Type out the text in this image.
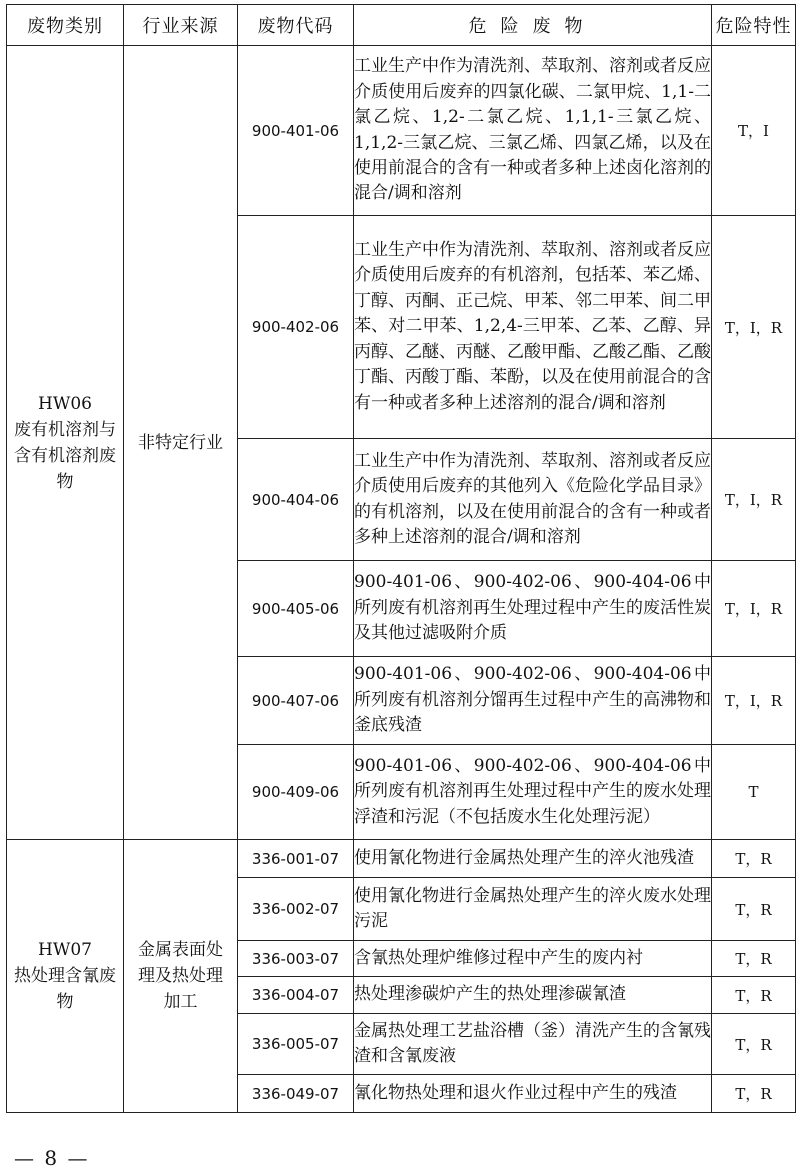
废物类别	行业来源	废物代码	危险废物	危险特性

HW06
废有机溶剂与
含有机溶剂废物	非特定行业	900-401-06	工业生产中作为清洗剂、萃取剂、溶剂或者反应介质使用后废弃的四氯化碳、二氯甲烷、1,1-二氯乙烷、1,2-二氯乙烷、1,1,1-三氯乙烷、1,1,2-三氯乙烷、三氯乙烯、四氯乙烯，以及在使用前混合的含有一种或者多种上述卤化溶剂的混合/调和溶剂	T，I
		900-402-06	工业生产中作为清洗剂、萃取剂、溶剂或者反应介质使用后废弃的有机溶剂，包括苯、苯乙烯、丁醇、丙酮、正己烷、甲苯、邻二甲苯、间二甲苯、对二甲苯、1,2,4-三甲苯、乙苯、乙醇、异丙醇、乙醚、丙醚、乙酸甲酯、乙酸乙酯、乙酸丁酯、丙酸丁酯、苯酚，以及在使用前混合的含有一种或者多种上述溶剂的混合/调和溶剂	T，I，R
		900-404-06	工业生产中作为清洗剂、萃取剂、溶剂或者反应介质使用后废弃的其他列入《危险化学品目录》的有机溶剂，以及在使用前混合的含有一种或者多种上述溶剂的混合/调和溶剂	T，I，R
		900-405-06	900-401-06、900-402-06、900-404-06中所列废有机溶剂再生处理过程中产生的废活性炭及其他过滤吸附介质	T，I，R
		900-407-06	900-401-06、900-402-06、900-404-06中所列废有机溶剂分馏再生过程中产生的高沸物和釜底残渣	T，I，R
		900-409-06	900-401-06、900-402-06、900-404-06中所列废有机溶剂再生处理过程中产生的废水处理浮渣和污泥（不包括废水生化处理污泥）	T

HW07
热处理含氰废物	金属表面处
理及热处理
加工	336-001-07	使用氰化物进行金属热处理产生的淬火池残渣	T，R
		336-002-07	使用氰化物进行金属热处理产生的淬火废水处理污泥	T，R
		336-003-07	含氰热处理炉维修过程中产生的废内衬	T，R
		336-004-07	热处理渗碳炉产生的热处理渗碳氰渣	T，R
		336-005-07	金属热处理工艺盐浴槽（釜）清洗产生的含氰残渣和含氰废液	T，R
		336-049-07	氰化物热处理和退火作业过程中产生的残渣	T，R
— 8 —
